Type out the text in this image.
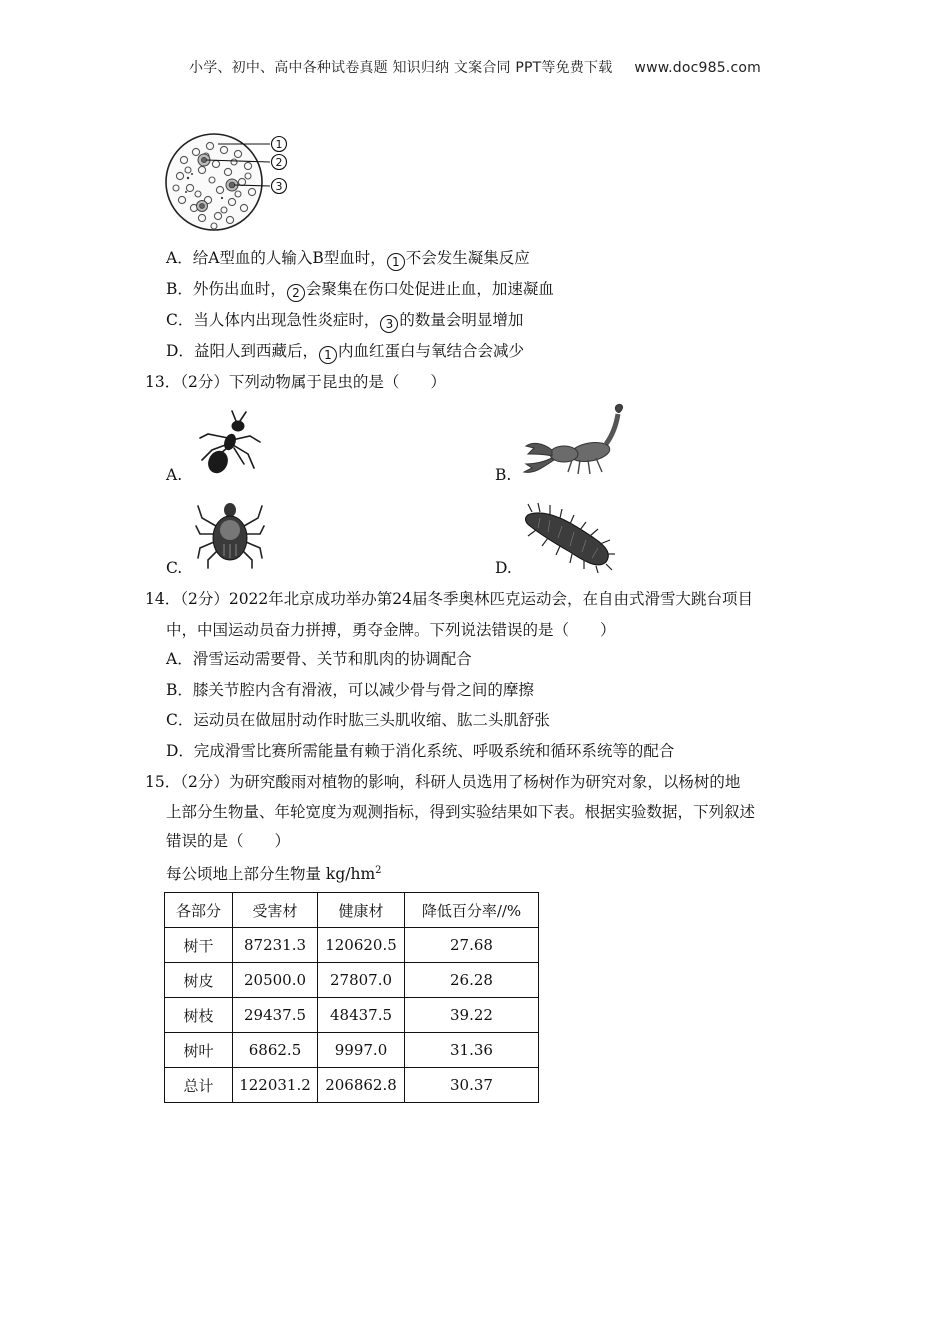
小学、初中、高中各种试卷真题 知识归纳 文案合同 PPT等免费下载 www.doc985.com
1
2
3
A．给A型血的人输入B型血时， 1 不会发生凝集反应
B．外伤出血时， 2 会聚集在伤口处促进止血，加速凝血
C．当人体内出现急性炎症时， 3 的数量会明显增加
D．益阳人到西藏后， 1 内血红蛋白与氧结合会减少
13．（2分）下列动物属于昆虫的是（　　）
A.	B.
C.	D.
14．（2分）2022年北京成功举办第24届冬季奥林匹克运动会，在自由式滑雪大跳台项目
中，中国运动员奋力拼搏，勇夺金牌。下列说法错误的是（　　）
A．滑雪运动需要骨、关节和肌肉的协调配合
B．膝关节腔内含有滑液，可以减少骨与骨之间的摩擦
C．运动员在做屈肘动作时肱三头肌收缩、肱二头肌舒张
D．完成滑雪比赛所需能量有赖于消化系统、呼吸系统和循环系统等的配合
15．（2分）为研究酸雨对植物的影响，科研人员选用了杨树作为研究对象，以杨树的地
上部分生物量、年轮宽度为观测指标，得到实验结果如下表。根据实验数据，下列叙述
错误的是（　　）
每公顷地上部分生物量 $kg/hm^2$
各部分	受害材	健康材	降低百分率//%
树干	87231.3	120620.5	27.68
树皮	20500.0	27807.0	26.28
树枝	29437.5	48437.5	39.22
树叶	6862.5	9997.0	31.36
总计	122031.2	206862.8	30.37
